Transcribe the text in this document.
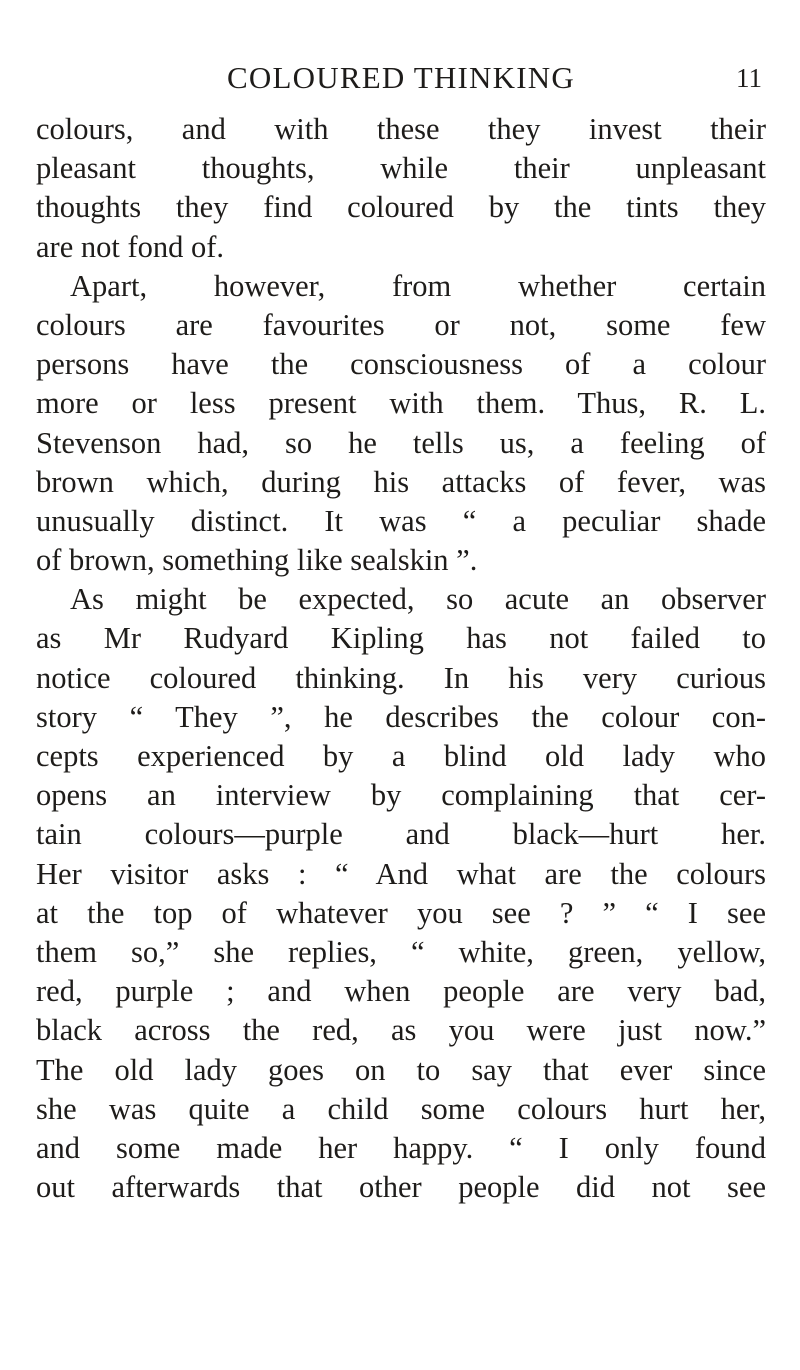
COLOURED THINKING	11
colours, and with these they invest their
pleasant thoughts, while their unpleasant
thoughts they find coloured by the tints they
are not fond of.
Apart, however, from whether certain
colours are favourites or not, some few
persons have the consciousness of a colour
more or less present with them. Thus, R. L.
Stevenson had, so he tells us, a feeling of
brown which, during his attacks of fever, was
unusually distinct. It was “ a peculiar shade
of brown, something like sealskin ”.
As might be expected, so acute an observer
as Mr Rudyard Kipling has not failed to
notice coloured thinking. In his very curious
story “ They ”, he describes the colour con-
cepts experienced by a blind old lady who
opens an interview by complaining that cer-
tain colours—purple and black—hurt her.
Her visitor asks : “ And what are the colours
at the top of whatever you see ? ” “ I see
them so,” she replies, “ white, green, yellow,
red, purple ; and when people are very bad,
black across the red, as you were just now.”
The old lady goes on to say that ever since
she was quite a child some colours hurt her,
and some made her happy. “ I only found
out afterwards that other people did not see
